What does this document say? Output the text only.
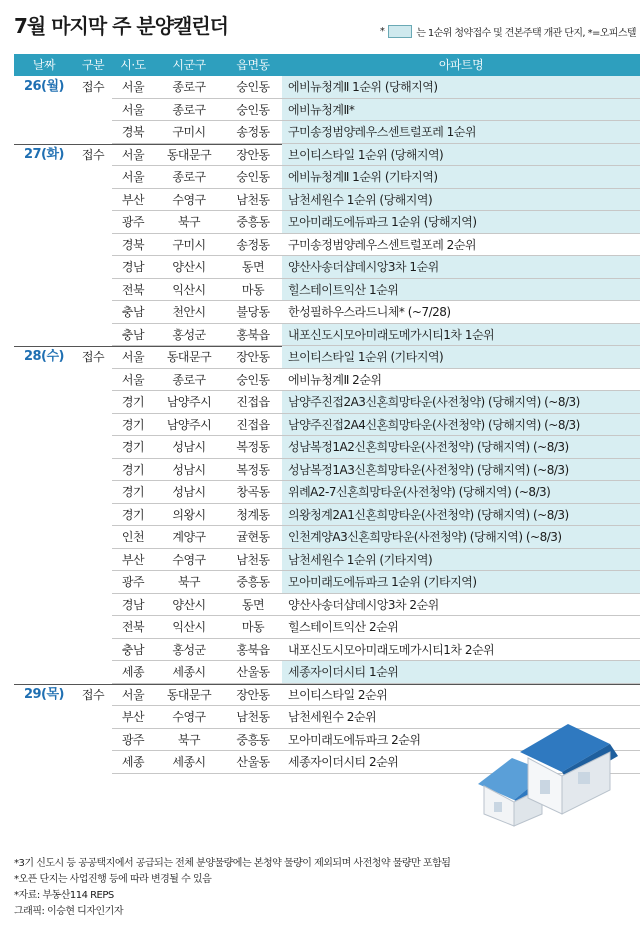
7월 마지막 주 분양캘린더	*	는 1순위 청약접수 및 견본주택 개관 단지, *=오피스텔
날짜	구분	시·도	시군구	읍면동	아파트명
26(월)	접수	서울	종로구	숭인동	에비뉴청계Ⅱ 1순위 (당해지역)
서울	종로구	숭인동	에비뉴청계Ⅱ*
경북	구미시	송정동	구미송정범양레우스센트럴포레 1순위
27(화)	접수	서울	동대문구	장안동	브이티스타일 1순위 (당해지역)
서울	종로구	숭인동	에비뉴청계Ⅱ 1순위 (기타지역)
부산	수영구	남천동	남천세원수 1순위 (당해지역)
광주	북구	중흥동	모아미래도에듀파크 1순위 (당해지역)
경북	구미시	송정동	구미송정범양레우스센트럴포레 2순위
경남	양산시	동면	양산사송더샵데시앙3차 1순위
전북	익산시	마동	힐스테이트익산 1순위
충남	천안시	불당동	한성필하우스라드니체* (~7/28)
충남	홍성군	홍북읍	내포신도시모아미래도메가시티1차 1순위
28(수)	접수	서울	동대문구	장안동	브이티스타일 1순위 (기타지역)
서울	종로구	숭인동	에비뉴청계Ⅱ 2순위
경기	남양주시	진접읍	남양주진접2A3신혼희망타운(사전청약) (당해지역) (~8/3)
경기	남양주시	진접읍	남양주진접2A4신혼희망타운(사전청약) (당해지역) (~8/3)
경기	성남시	복정동	성남복정1A2신혼희망타운(사전청약) (당해지역) (~8/3)
경기	성남시	복정동	성남복정1A3신혼희망타운(사전청약) (당해지역) (~8/3)
경기	성남시	창곡동	위례A2-7신혼희망타운(사전청약) (당해지역) (~8/3)
경기	의왕시	청계동	의왕청계2A1신혼희망타운(사전청약) (당해지역) (~8/3)
인천	계양구	귤현동	인천계양A3신혼희망타운(사전청약) (당해지역) (~8/3)
부산	수영구	남천동	남천세원수 1순위 (기타지역)
광주	북구	중흥동	모아미래도에듀파크 1순위 (기타지역)
경남	양산시	동면	양산사송더샵데시앙3차 2순위
전북	익산시	마동	힐스테이트익산 2순위
충남	홍성군	홍북읍	내포신도시모아미래도메가시티1차 2순위
세종	세종시	산울동	세종자이더시티 1순위
29(목)	접수	서울	동대문구	장안동	브이티스타일 2순위
부산	수영구	남천동	남천세원수 2순위
광주	북구	중흥동	모아미래도에듀파크 2순위
세종	세종시	산울동	세종자이더시티 2순위
*3기 신도시 등 공공택지에서 공급되는 전체 분양물량에는 본청약 물량이 제외되며 사전청약 물량만 포함됨
*오픈 단지는 사업진행 등에 따라 변경될 수 있음
*자료: 부동산114 REPS
그래픽: 이승현 디자인기자
